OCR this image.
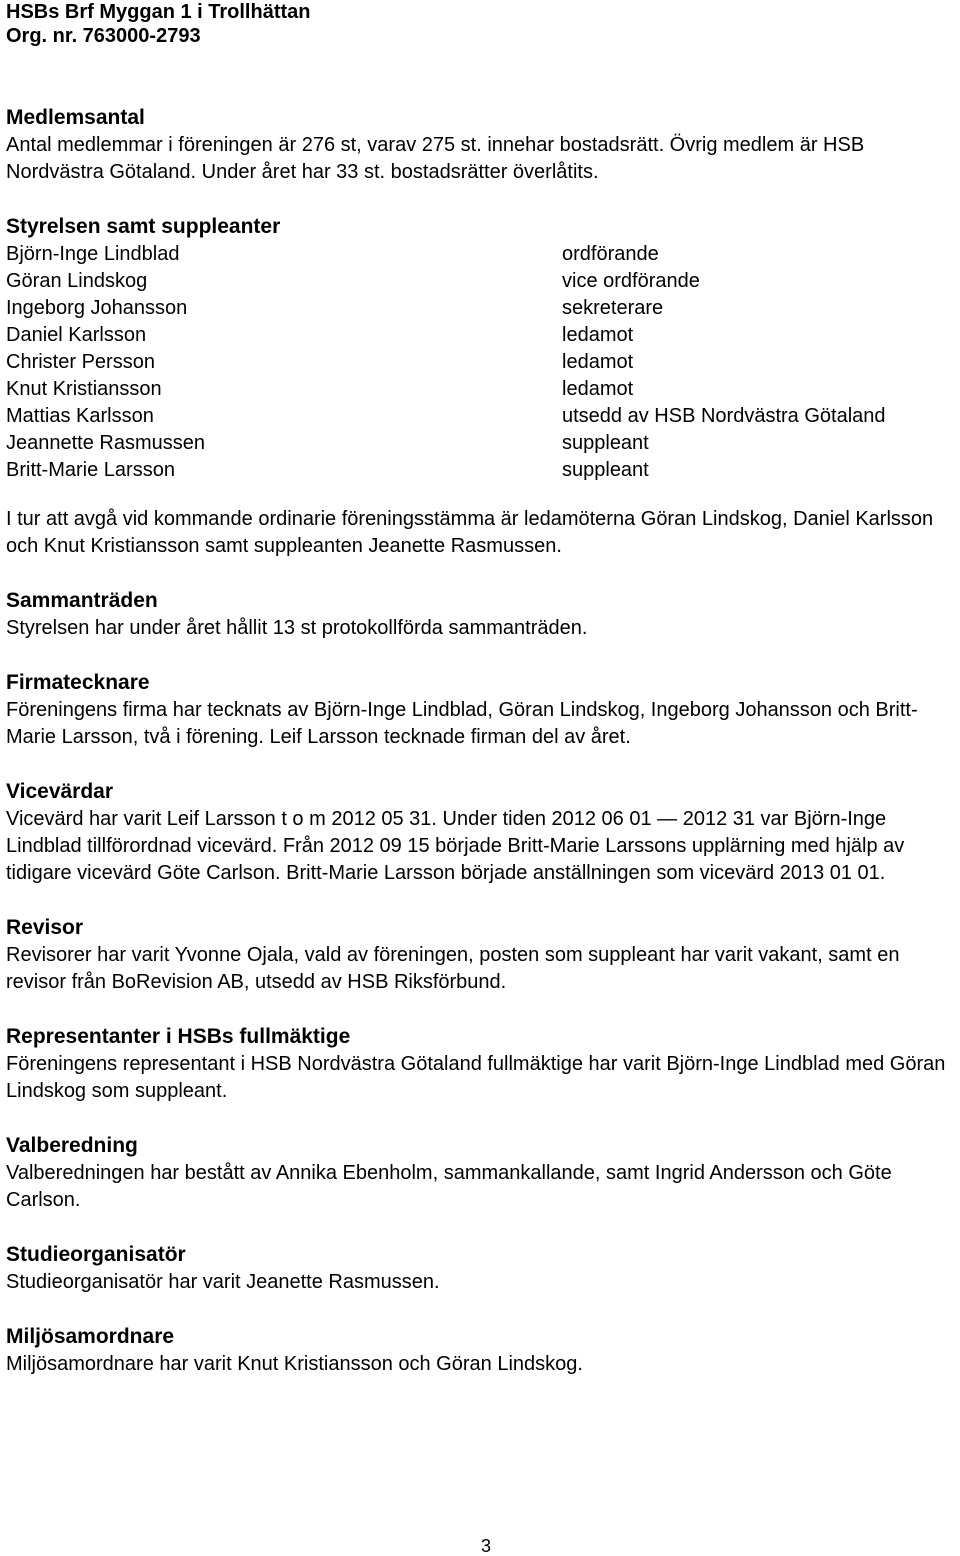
HSBs Brf Myggan 1 i Trollhättan
Org. nr. 763000-2793
Medlemsantal
Antal medlemmar i föreningen är 276 st, varav 275 st. innehar bostadsrätt. Övrig medlem är HSB Nordvästra Götaland. Under året har 33 st. bostadsrätter överlåtits.
Styrelsen samt suppleanter
Björn-Inge Lindblad	ordförande
Göran Lindskog	vice ordförande
Ingeborg Johansson	sekreterare
Daniel Karlsson	ledamot
Christer Persson	ledamot
Knut Kristiansson	ledamot
Mattias Karlsson	utsedd av HSB Nordvästra Götaland
Jeannette Rasmussen	suppleant
Britt-Marie Larsson	suppleant
I tur att avgå vid kommande ordinarie föreningsstämma är ledamöterna Göran Lindskog, Daniel Karlsson och Knut Kristiansson samt suppleanten Jeanette Rasmussen.
Sammanträden
Styrelsen har under året hållit 13 st protokollförda sammanträden.
Firmatecknare
Föreningens firma har tecknats av Björn-Inge Lindblad, Göran Lindskog, Ingeborg Johansson och Britt-Marie Larsson, två i förening. Leif Larsson tecknade firman del av året.
Vicevärdar
Vicevärd har varit Leif Larsson t o m 2012 05 31. Under tiden 2012 06 01 — 2012 31 var Björn-Inge Lindblad tillförordnad vicevärd. Från 2012 09 15 började Britt-Marie Larssons upplärning med hjälp av tidigare vicevärd Göte Carlson. Britt-Marie Larsson började anställningen som vicevärd 2013 01 01.
Revisor
Revisorer har varit Yvonne Ojala, vald av föreningen, posten som suppleant har varit vakant, samt en revisor från BoRevision AB, utsedd av HSB Riksförbund.
Representanter i HSBs fullmäktige
Föreningens representant i HSB Nordvästra Götaland fullmäktige har varit Björn-Inge Lindblad med Göran Lindskog som suppleant.
Valberedning
Valberedningen har bestått av Annika Ebenholm, sammankallande, samt Ingrid Andersson och Göte Carlson.
Studieorganisatör
Studieorganisatör har varit Jeanette Rasmussen.
Miljösamordnare
Miljösamordnare har varit Knut Kristiansson och Göran Lindskog.
3
